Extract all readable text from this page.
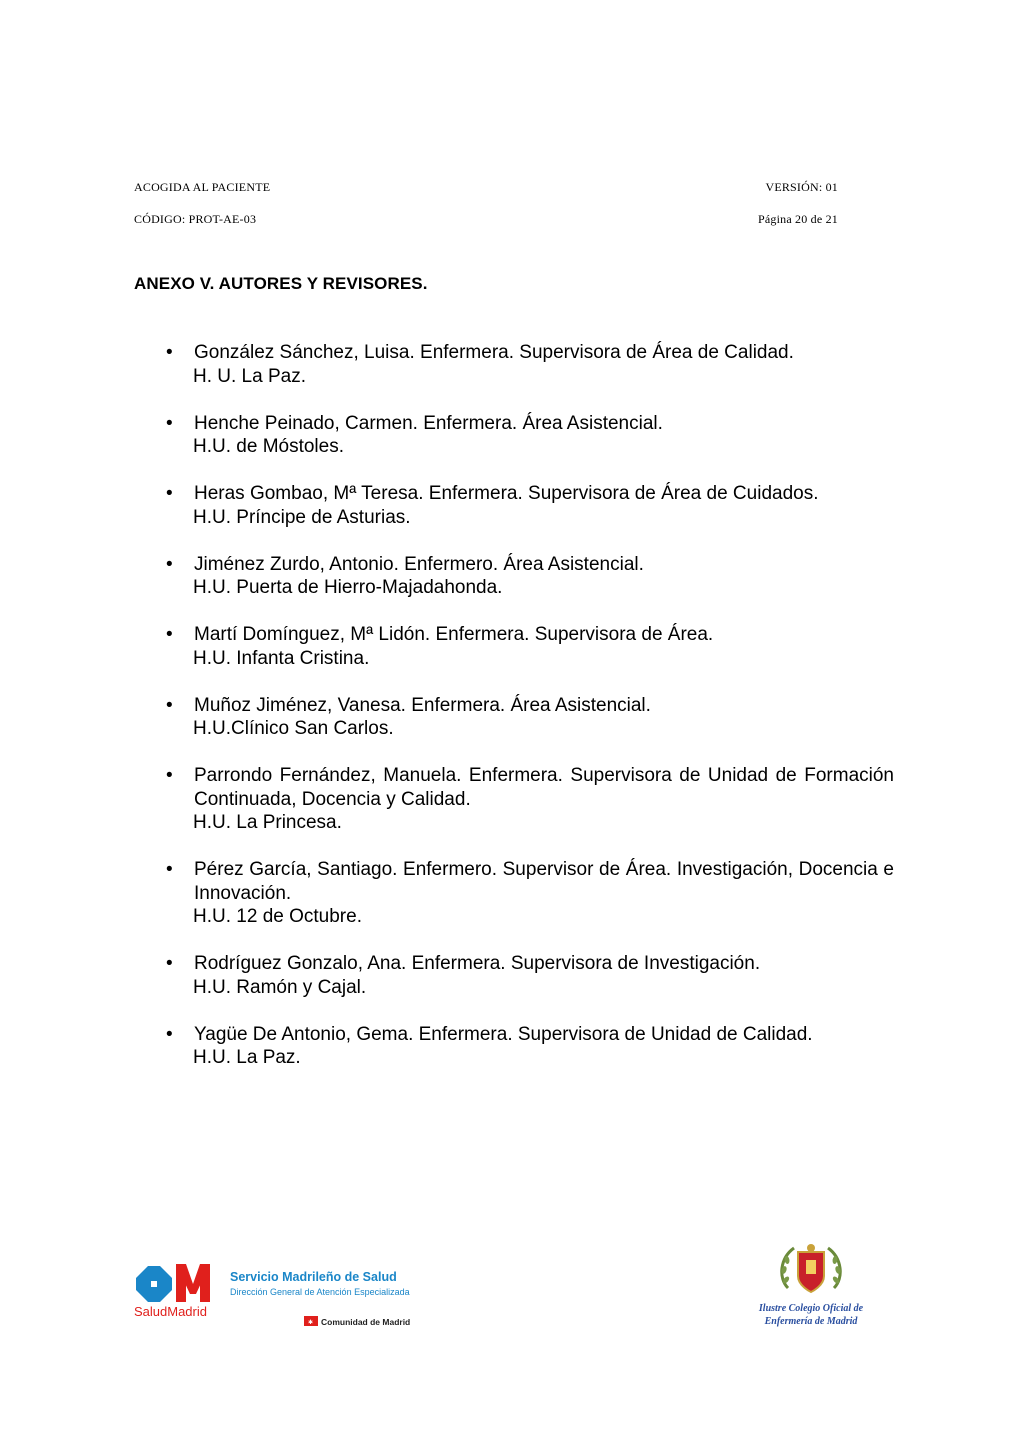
ACOGIDA AL PACIENTE	VERSIÓN: 01
CÓDIGO: PROT-AE-03	Página 20 de 21
ANEXO V. AUTORES Y REVISORES.
• González Sánchez, Luisa. Enfermera. Supervisora de Área de Calidad.
H. U. La Paz.
• Henche Peinado, Carmen. Enfermera. Área Asistencial.
H.U. de Móstoles.
• Heras Gombao, Mª Teresa. Enfermera. Supervisora de Área de Cuidados.
H.U. Príncipe de Asturias.
• Jiménez Zurdo, Antonio. Enfermero. Área Asistencial.
H.U. Puerta de Hierro-Majadahonda.
• Martí Domínguez, Mª Lidón. Enfermera. Supervisora de Área.
H.U. Infanta Cristina.
• Muñoz Jiménez, Vanesa. Enfermera. Área Asistencial.
H.U.Clínico San Carlos.
• Parrondo Fernández, Manuela. Enfermera. Supervisora de Unidad de Formación Continuada, Docencia y Calidad.
H.U. La Princesa.
• Pérez García, Santiago. Enfermero. Supervisor de Área. Investigación, Docencia e Innovación.
H.U. 12 de Octubre.
• Rodríguez Gonzalo, Ana. Enfermera. Supervisora de Investigación.
H.U. Ramón y Cajal.
• Yagüe De Antonio, Gema. Enfermera. Supervisora de Unidad de Calidad.
H.U. La Paz.
SaludMadrid
Servicio Madrileño de Salud
Dirección General de Atención Especializada
✱ Comunidad de Madrid
Ilustre Colegio Oficial de
Enfermería de Madrid
